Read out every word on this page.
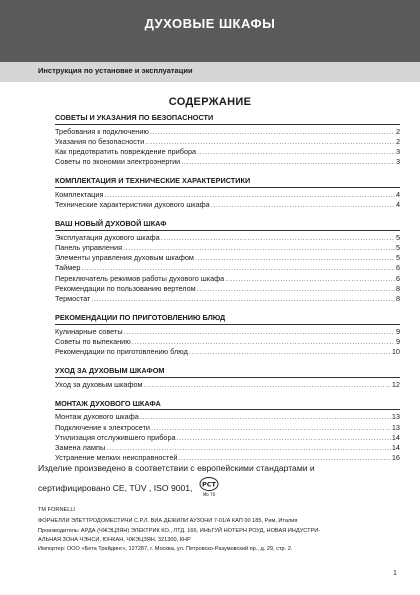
ДУХОВЫЕ ШКАФЫ
Инструкция по установке и эксплуатации
СОДЕРЖАНИЕ
СОВЕТЫ И УКАЗАНИЯ ПО БЕЗОПАСНОСТИ
Требования к подключению .....	2
Указания по безопасности .....	2
Как предотвратить повреждение прибора .....	3
Советы по экономии электроэнергии .....	3
КОМПЛЕКТАЦИЯ И ТЕХНИЧЕСКИЕ ХАРАКТЕРИСТИКИ
Комплектация .....	4
Технические характеристики духового шкафа .....	4
ВАШ НОВЫЙ ДУХОВОЙ ШКАФ
Эксплуатация духового шкафа .....	5
Панель управления .....	5
Элементы управления духовым шкафом .....	5
Таймер .....	6
Переключатель режимов работы духового шкафа .....	6
Рекомендации по пользованию вертелом .....	8
Термостат .....	8
РЕКОМЕНДАЦИИ ПО ПРИГОТОВЛЕНИЮ БЛЮД
Кулинарные советы .....	9
Советы по выпеканию .....	9
Рекомендации по приготовлению блюд .....	10
УХОД ЗА ДУХОВЫМ ШКАФОМ
Уход за духовым шкафом .....	12
МОНТАЖ ДУХОВОГО ШКАФА
Монтаж духового шкафа .....	13
Подключение к электросети .....	13
Утилизация отслужившего прибора .....	14
Замена лампы .....	14
Устранение мелких неисправностей .....	16
Изделие произведено в соответствии с европейскими стандартами и
сертифицировано СЕ, TÜV , ISO 9001, РСТ
Mb 70
TM FORNELLI
ФОРНЕЛЛИ ЭЛЕТТРОДОМЕСТИЧИ С.Р.Л. ВИА ДЕЖИЛИ АУЗОНИ 7-01/А КАП 00 185, Рим, Италия
Производитель: АРДА (ЧЖЭЦЗЯН) ЭЛЕКТРИК КО., ЛТД. 166, ИНЬГУЙ НОТЕРН РОУД, НОВАЯ ИНДУСТРИ-
АЛЬНАЯ ЗОНА ЧЭНСИ, ЮНКАН, ЧЖЭЦЗЯН, 321300, КНР
Импортер: ООО «Бета Трейдинг», 127287, г. Москва, ул. Петровско-Разумовский пр., д. 29, стр. 2.
1
